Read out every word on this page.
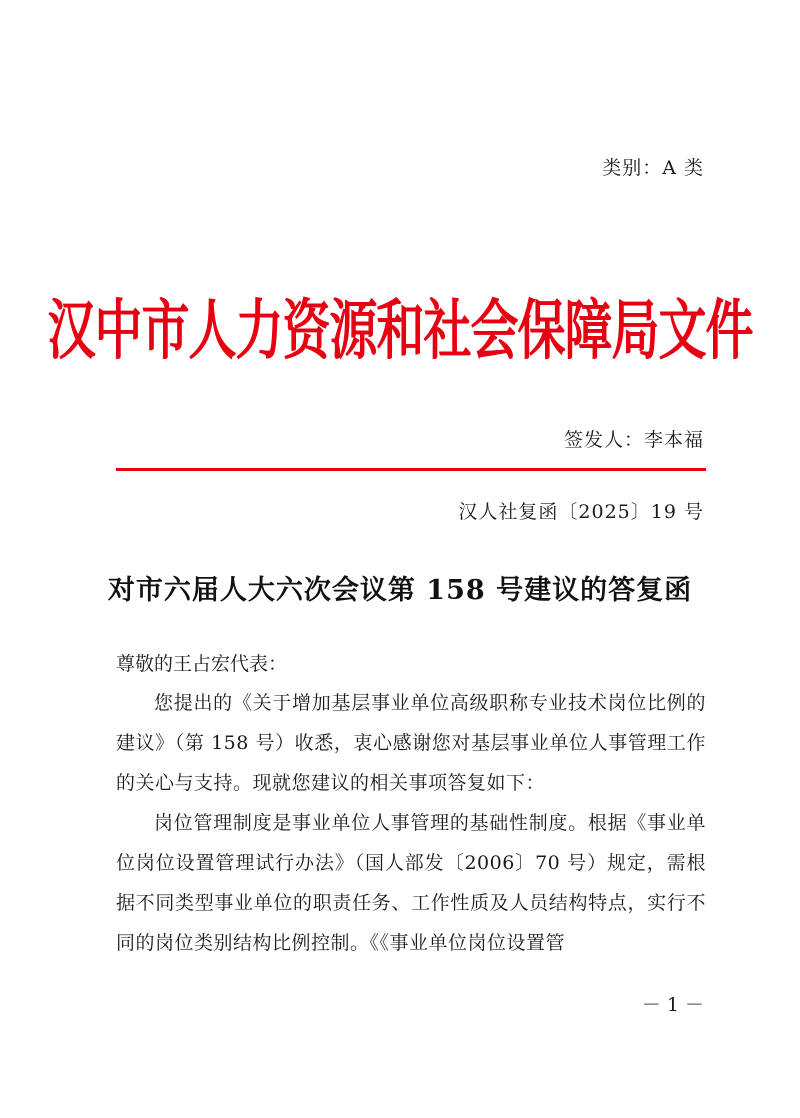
类别：A 类
汉中市人力资源和社会保障局文件
签发人：李本福
汉人社复函〔2025〕19 号
对市六届人大六次会议第 158 号建议的答复函

尊敬的王占宏代表：

您提出的《关于增加基层事业单位高级职称专业技术岗位比例的建议》（第 158 号）收悉，衷心感谢您对基层事业单位人事管理工作的关心与支持。现就您建议的相关事项答复如下：

岗位管理制度是事业单位人事管理的基础性制度。根据《事业单位岗位设置管理试行办法》（国人部发〔2006〕70 号）规定，需根据不同类型事业单位的职责任务、工作性质及人员结构特点，实行不同的岗位类别结构比例控制。《《事业单位岗位设置管

－ 1 －
